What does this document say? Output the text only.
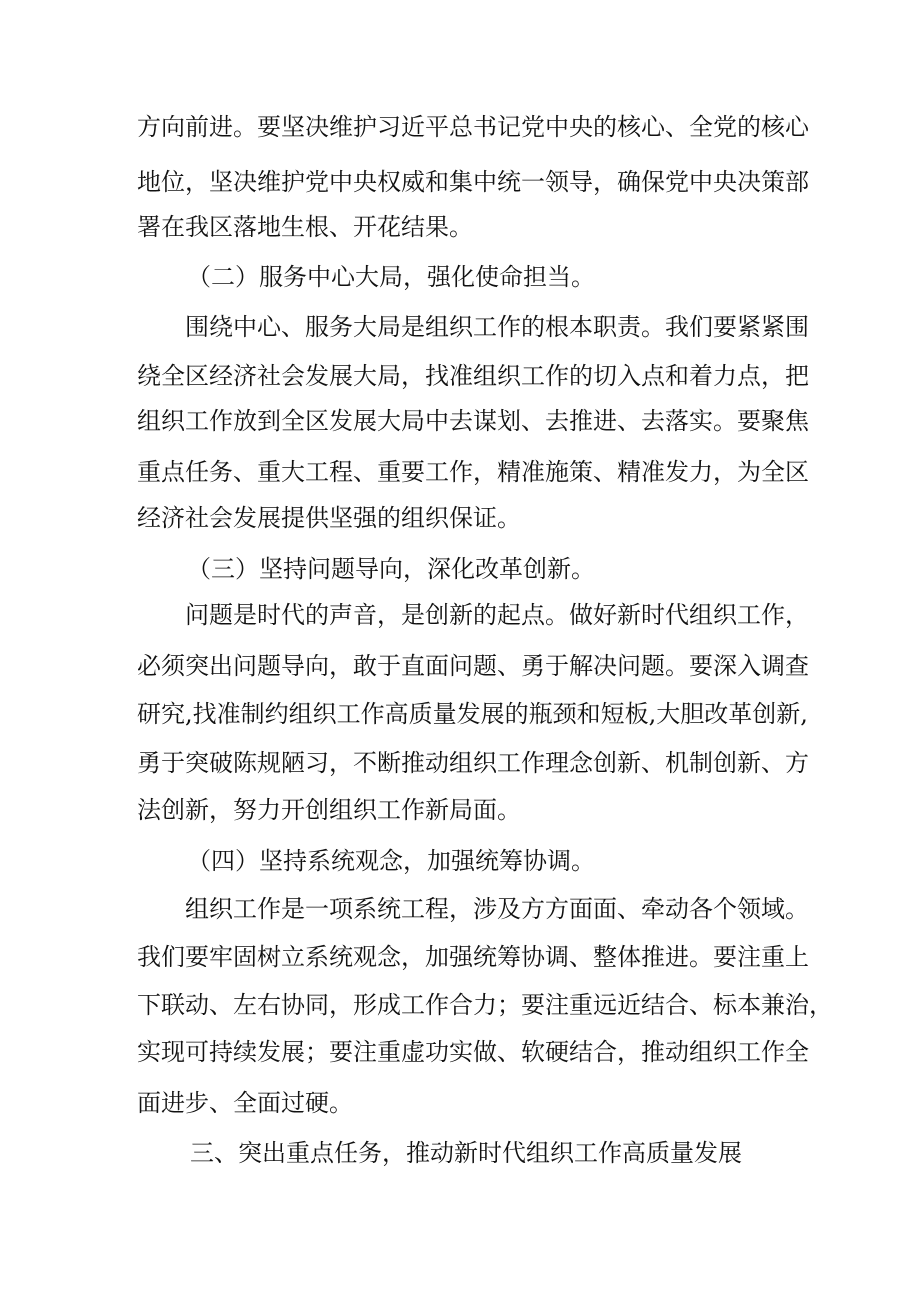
方向前进。要坚决维护习近平总书记党中央的核心、全党的核心

地位，坚决维护党中央权威和集中统一领导，确保党中央决策部

署在我区落地生根、开花结果。

（二）服务中心大局，强化使命担当。

围绕中心、服务大局是组织工作的根本职责。我们要紧紧围

绕全区经济社会发展大局，找准组织工作的切入点和着力点，把

组织工作放到全区发展大局中去谋划、去推进、去落实。要聚焦

重点任务、重大工程、重要工作，精准施策、精准发力，为全区

经济社会发展提供坚强的组织保证。

（三）坚持问题导向，深化改革创新。

问题是时代的声音，是创新的起点。做好新时代组织工作，

必须突出问题导向，敢于直面问题、勇于解决问题。要深入调查

研究,找准制约组织工作高质量发展的瓶颈和短板,大胆改革创新,

勇于突破陈规陋习，不断推动组织工作理念创新、机制创新、方

法创新，努力开创组织工作新局面。

（四）坚持系统观念，加强统筹协调。

组织工作是一项系统工程，涉及方方面面、牵动各个领域。

我们要牢固树立系统观念，加强统筹协调、整体推进。要注重上

下联动、左右协同，形成工作合力；要注重远近结合、标本兼治，

实现可持续发展；要注重虚功实做、软硬结合，推动组织工作全

面进步、全面过硬。

三、突出重点任务，推动新时代组织工作高质量发展
